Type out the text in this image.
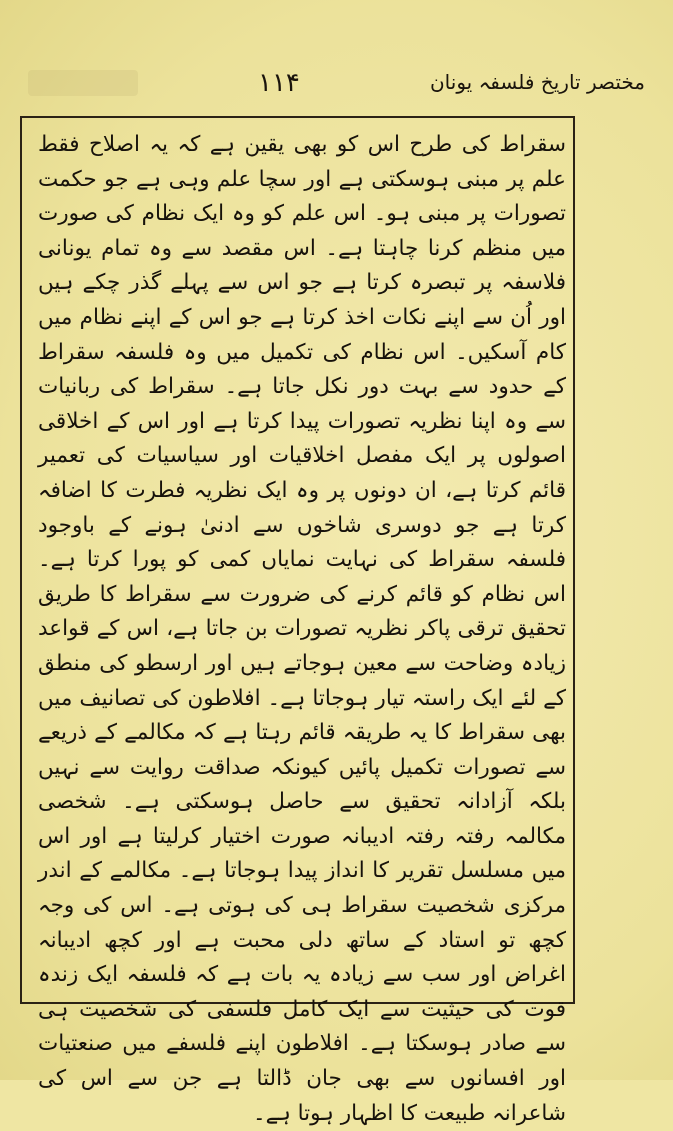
۱۱۴	مختصر تاریخ فلسفہ یونان

سقراط کی طرح اس کو بھی یقین ہے کہ یہ اصلاح فقط علم پر مبنی ہوسکتی ہے اور سچا علم وہی ہے جو حکمت تصورات پر مبنی ہو۔ اس علم کو وہ ایک نظام کی صورت میں منظم کرنا چاہتا ہے۔ اس مقصد سے وہ تمام یونانی فلاسفہ پر تبصرہ کرتا ہے جو اس سے پہلے گذر چکے ہیں اور اُن سے اپنے نکات اخذ کرتا ہے جو اس کے اپنے نظام میں کام آسکیں۔ اس نظام کی تکمیل میں وہ فلسفہ سقراط کے حدود سے بہت دور نکل جاتا ہے۔ سقراط کی ربانیات سے وہ اپنا نظریہ تصورات پیدا کرتا ہے اور اس کے اخلاقی اصولوں پر ایک مفصل اخلاقیات اور سیاسیات کی تعمیر قائم کرتا ہے، ان دونوں پر وہ ایک نظریہ فطرت کا اضافہ کرتا ہے جو دوسری شاخوں سے ادنیٰ ہونے کے باوجود فلسفہ سقراط کی نہایت نمایاں کمی کو پورا کرتا ہے۔ اس نظام کو قائم کرنے کی ضرورت سے سقراط کا طریق تحقیق ترقی پاکر نظریہ تصورات بن جاتا ہے، اس کے قواعد زیادہ وضاحت سے معین ہوجاتے ہیں اور ارسطو کی منطق کے لئے ایک راستہ تیار ہوجاتا ہے۔ افلاطون کی تصانیف میں بھی سقراط کا یہ طریقہ قائم رہتا ہے کہ مکالمے کے ذریعے سے تصورات تکمیل پائیں کیونکہ صداقت روایت سے نہیں بلکہ آزادانہ تحقیق سے حاصل ہوسکتی ہے۔ شخصی مکالمہ رفتہ رفتہ ادیبانہ صورت اختیار کرلیتا ہے اور اس میں مسلسل تقریر کا انداز پیدا ہوجاتا ہے۔ مکالمے کے اندر مرکزی شخصیت سقراط ہی کی ہوتی ہے۔ اس کی وجہ کچھ تو استاد کے ساتھ دلی محبت ہے اور کچھ ادیبانہ اغراض اور سب سے زیادہ یہ بات ہے کہ فلسفہ ایک زندہ قوت کی حیثیت سے ایک کامل فلسفی کی شخصیت ہی سے صادر ہوسکتا ہے۔ افلاطون اپنے فلسفے میں صنعتیات اور افسانوں سے بھی جان ڈالتا ہے جن سے اس کی شاعرانہ طبیعت کا اظہار ہوتا ہے۔
